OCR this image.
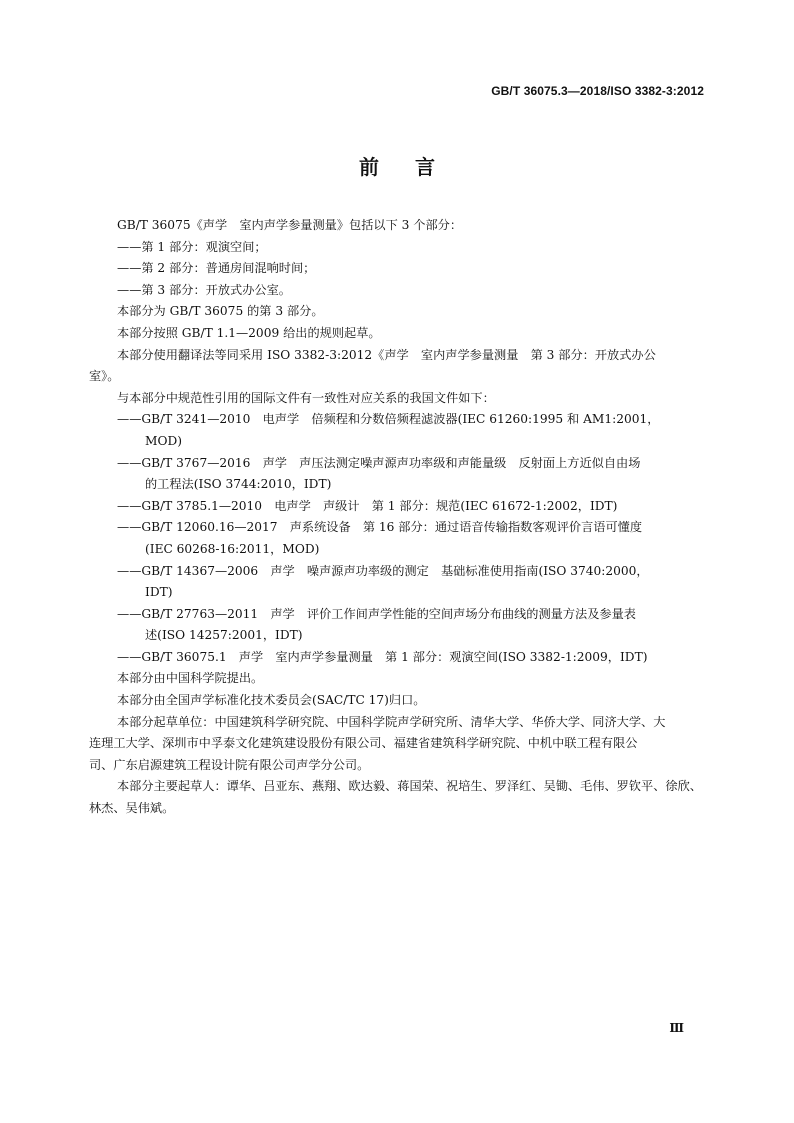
GB/T 36075.3—2018/ISO 3382-3:2012
前言

GB/T 36075《声学　室内声学参量测量》包括以下 3 个部分：

——第 1 部分：观演空间；

——第 2 部分：普通房间混响时间；

——第 3 部分：开放式办公室。

本部分为 GB/T 36075 的第 3 部分。

本部分按照 GB/T 1.1—2009 给出的规则起草。

本部分使用翻译法等同采用 ISO 3382-3:2012《声学　室内声学参量测量　第 3 部分：开放式办公

室》。

与本部分中规范性引用的国际文件有一致性对应关系的我国文件如下：

——GB/T 3241—2010　电声学　倍频程和分数倍频程滤波器(IEC 61260:1995 和 AM1:2001，

MOD)

——GB/T 3767—2016　声学　声压法测定噪声源声功率级和声能量级　反射面上方近似自由场

的工程法(ISO 3744:2010，IDT)

——GB/T 3785.1—2010　电声学　声级计　第 1 部分：规范(IEC 61672-1:2002，IDT)

——GB/T 12060.16—2017　声系统设备　第 16 部分：通过语音传输指数客观评价言语可懂度

(IEC 60268-16:2011，MOD)

——GB/T 14367—2006　声学　噪声源声功率级的测定　基础标准使用指南(ISO 3740:2000，

IDT)

——GB/T 27763—2011　声学　评价工作间声学性能的空间声场分布曲线的测量方法及参量表

述(ISO 14257:2001，IDT)

——GB/T 36075.1　声学　室内声学参量测量　第 1 部分：观演空间(ISO 3382-1:2009，IDT)

本部分由中国科学院提出。

本部分由全国声学标准化技术委员会(SAC/TC 17)归口。

本部分起草单位：中国建筑科学研究院、中国科学院声学研究所、清华大学、华侨大学、同济大学、大

连理工大学、深圳市中孚泰文化建筑建设股份有限公司、福建省建筑科学研究院、中机中联工程有限公

司、广东启源建筑工程设计院有限公司声学分公司。

本部分主要起草人：谭华、吕亚东、燕翔、欧达毅、蒋国荣、祝培生、罗泽红、吴锄、毛伟、罗钦平、徐欣、

林杰、吴伟斌。

Ⅲ
